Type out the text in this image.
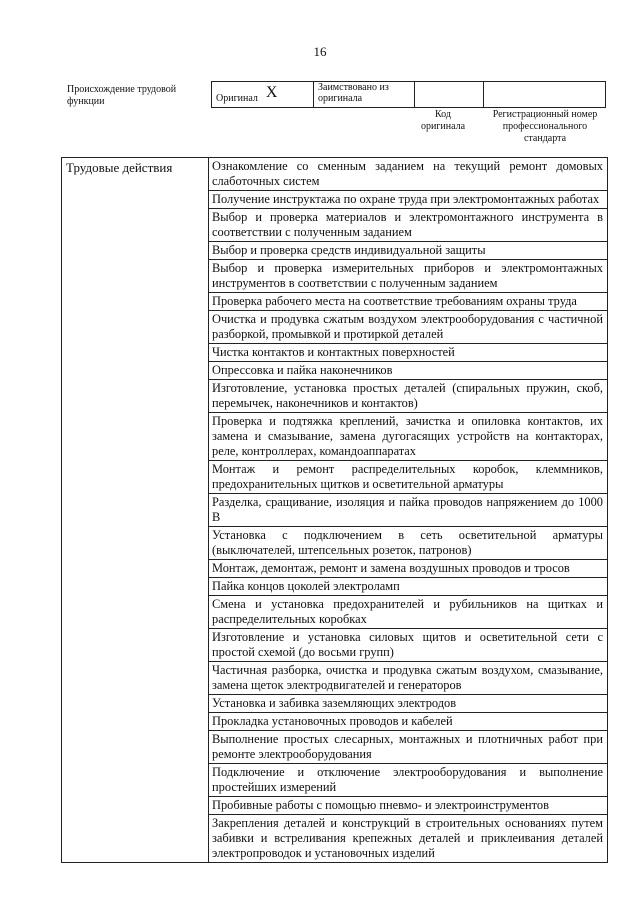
16
Происхождение трудовой функции	Оригинал X	Заимствовано из оригинала		
Код оригинала
Регистрационный номер профессионального стандарта
Трудовые действия	Ознакомление со сменным заданием на текущий ремонт домовых слаботочных систем
Получение инструктажа по охране труда при электромонтажных работах
Выбор и проверка материалов и электромонтажного инструмента в соответствии с полученным заданием
Выбор и проверка средств индивидуальной защиты
Выбор и проверка измерительных приборов и электромонтажных инструментов в соответствии с полученным заданием
Проверка рабочего места на соответствие требованиям охраны труда
Очистка и продувка сжатым воздухом электрооборудования с частичной разборкой, промывкой и протиркой деталей
Чистка контактов и контактных поверхностей
Опрессовка и пайка наконечников
Изготовление, установка простых деталей (спиральных пружин, скоб, перемычек, наконечников и контактов)
Проверка и подтяжка креплений, зачистка и опиловка контактов, их замена и смазывание, замена дугогасящих устройств на контакторах, реле, контроллерах, командоаппаратах
Монтаж и ремонт распределительных коробок, клеммников, предохранительных щитков и осветительной арматуры
Разделка, сращивание, изоляция и пайка проводов напряжением до 1000 В
Установка с подключением в сеть осветительной арматуры (выключателей, штепсельных розеток, патронов)
Монтаж, демонтаж, ремонт и замена воздушных проводов и тросов
Пайка концов цоколей электроламп
Смена и установка предохранителей и рубильников на щитках и распределительных коробках
Изготовление и установка силовых щитов и осветительной сети с простой схемой (до восьми групп)
Частичная разборка, очистка и продувка сжатым воздухом, смазывание, замена щеток электродвигателей и генераторов
Установка и забивка заземляющих электродов
Прокладка установочных проводов и кабелей
Выполнение простых слесарных, монтажных и плотничных работ при ремонте электрооборудования
Подключение и отключение электрооборудования и выполнение простейших измерений
Пробивные работы с помощью пневмо- и электроинструментов
Закрепления деталей и конструкций в строительных основаниях путем забивки и встреливания крепежных деталей и приклеивания деталей электропроводок и установочных изделий
